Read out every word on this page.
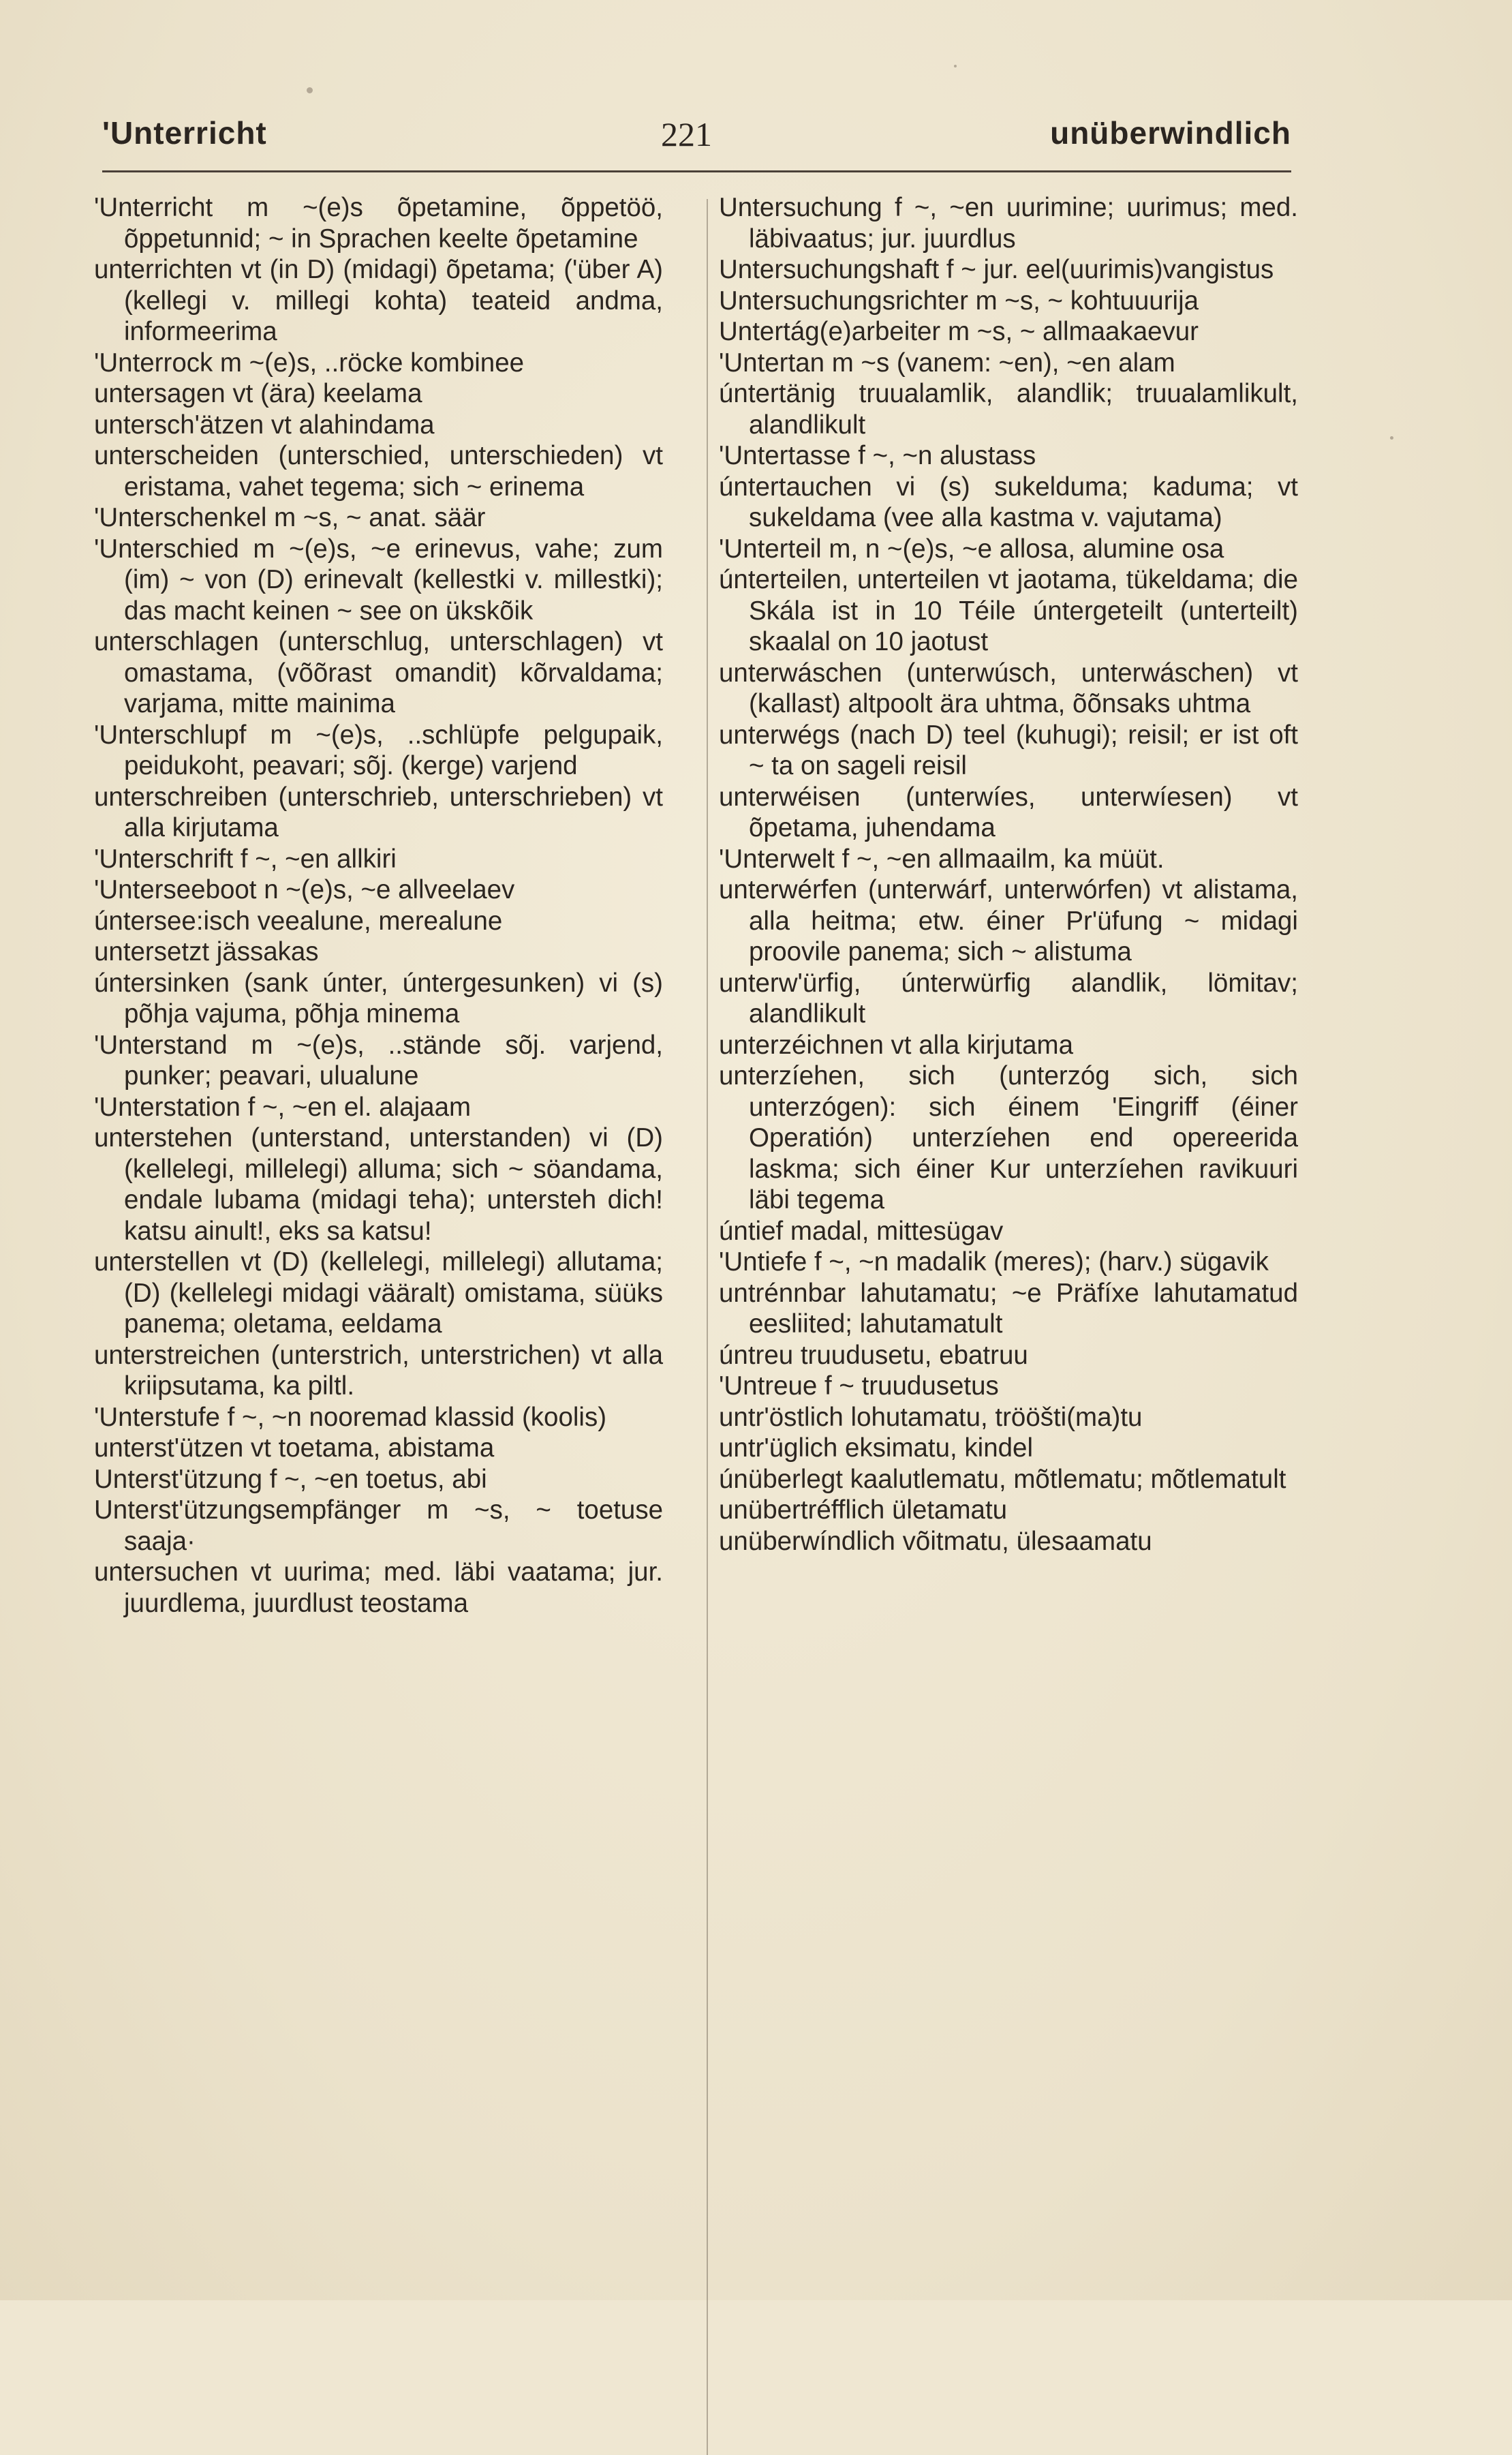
'Unterricht	221	unüberwindlich

'Unterricht m ~(e)s õpetamine, õppetöö, õppetunnid; ~ in Sprachen keelte õpetamine

unterrichten vt (in D) (midagi) õpetama; ('über A) (kellegi v. millegi kohta) teateid andma, informeerima

'Unterrock m ~(e)s, ..röcke kombinee

untersagen vt (ära) keelama

untersch'ätzen vt alahindama

unterscheiden (unterschied, unterschieden) vt eristama, vahet tegema; sich ~ erinema

'Unterschenkel m ~s, ~ anat. säär

'Unterschied m ~(e)s, ~e erinevus, vahe; zum (im) ~ von (D) erinevalt (kellestki v. millestki); das macht keinen ~ see on ükskõik

unterschlagen (unterschlug, unterschlagen) vt omastama, (võõrast omandit) kõrvaldama; varjama, mitte mainima

'Unterschlupf m ~(e)s, ..schlüpfe pelgupaik, peidukoht, peavari; sõj. (kerge) varjend

unterschreiben (unterschrieb, unterschrieben) vt alla kirjutama

'Unterschrift f ~, ~en allkiri

'Unterseeboot n ~(e)s, ~e allveelaev

úntersee:isch veealune, merealune

untersetzt jässakas

úntersinken (sank únter, úntergesunken) vi (s) põhja vajuma, põhja minema

'Unterstand m ~(e)s, ..stände sõj. varjend, punker; peavari, ulualune

'Unterstation f ~, ~en el. alajaam

unterstehen (unterstand, unterstanden) vi (D) (kellelegi, millelegi) alluma; sich ~ söandama, endale lubama (midagi teha); untersteh dich! katsu ainult!, eks sa katsu!

unterstellen vt (D) (kellelegi, millelegi) allutama; (D) (kellelegi midagi vääralt) omistama, süüks panema; oletama, eeldama

unterstreichen (unterstrich, unterstrichen) vt alla kriipsutama, ka piltl.

'Unterstufe f ~, ~n nooremad klassid (koolis)

unterst'ützen vt toetama, abistama

Unterst'ützung f ~, ~en toetus, abi

Unterst'ützungsempfänger m ~s, ~ toetuse saaja·

untersuchen vt uurima; med. läbi vaatama; jur. juurdlema, juurdlust teostama

Untersuchung f ~, ~en uurimine; uurimus; med. läbivaatus; jur. juurdlus

Untersuchungshaft f ~ jur. eel(uurimis)vangistus

Untersuchungsrichter m ~s, ~ kohtuuurija

Untertág(e)arbeiter m ~s, ~ allmaakaevur

'Untertan m ~s (vanem: ~en), ~en alam

úntertänig truualamlik, alandlik; truualamlikult, alandlikult

'Untertasse f ~, ~n alustass

úntertauchen vi (s) sukelduma; kaduma; vt sukeldama (vee alla kastma v. vajutama)

'Unterteil m, n ~(e)s, ~e allosa, alumine osa

únterteilen, unterteilen vt jaotama, tükeldama; die Skála ist in 10 Téile úntergeteilt (unterteilt) skaalal on 10 jaotust

unterwáschen (unterwúsch, unterwáschen) vt (kallast) altpoolt ära uhtma, õõnsaks uhtma

unterwégs (nach D) teel (kuhugi); reisil; er ist oft ~ ta on sageli reisil

unterwéisen (unterwíes, unterwíesen) vt õpetama, juhendama

'Unterwelt f ~, ~en allmaailm, ka müüt.

unterwérfen (unterwárf, unterwórfen) vt alistama, alla heitma; etw. éiner Pr'üfung ~ midagi proovile panema; sich ~ alistuma

unterw'ürfig, únterwürfig alandlik, lömitav; alandlikult

unterzéichnen vt alla kirjutama

unterzíehen, sich (unterzóg sich, sich unterzógen): sich éinem 'Eingriff (éiner Operatión) unterzíehen end opereerida laskma; sich éiner Kur unterzíehen ravikuuri läbi tegema

úntief madal, mittesügav

'Untiefe f ~, ~n madalik (meres); (harv.) sügavik

untrénnbar lahutamatu; ~e Präfíxe lahutamatud eesliited; lahutamatult

úntreu truudusetu, ebatruu

'Untreue f ~ truudusetus

untr'östlich lohutamatu, trööšti(ma)tu

untr'üglich eksimatu, kindel

únüberlegt kaalutlematu, mõtlematu; mõtlematult

unübertréfflich ületamatu

unüberwíndlich võitmatu, ülesaamatu
